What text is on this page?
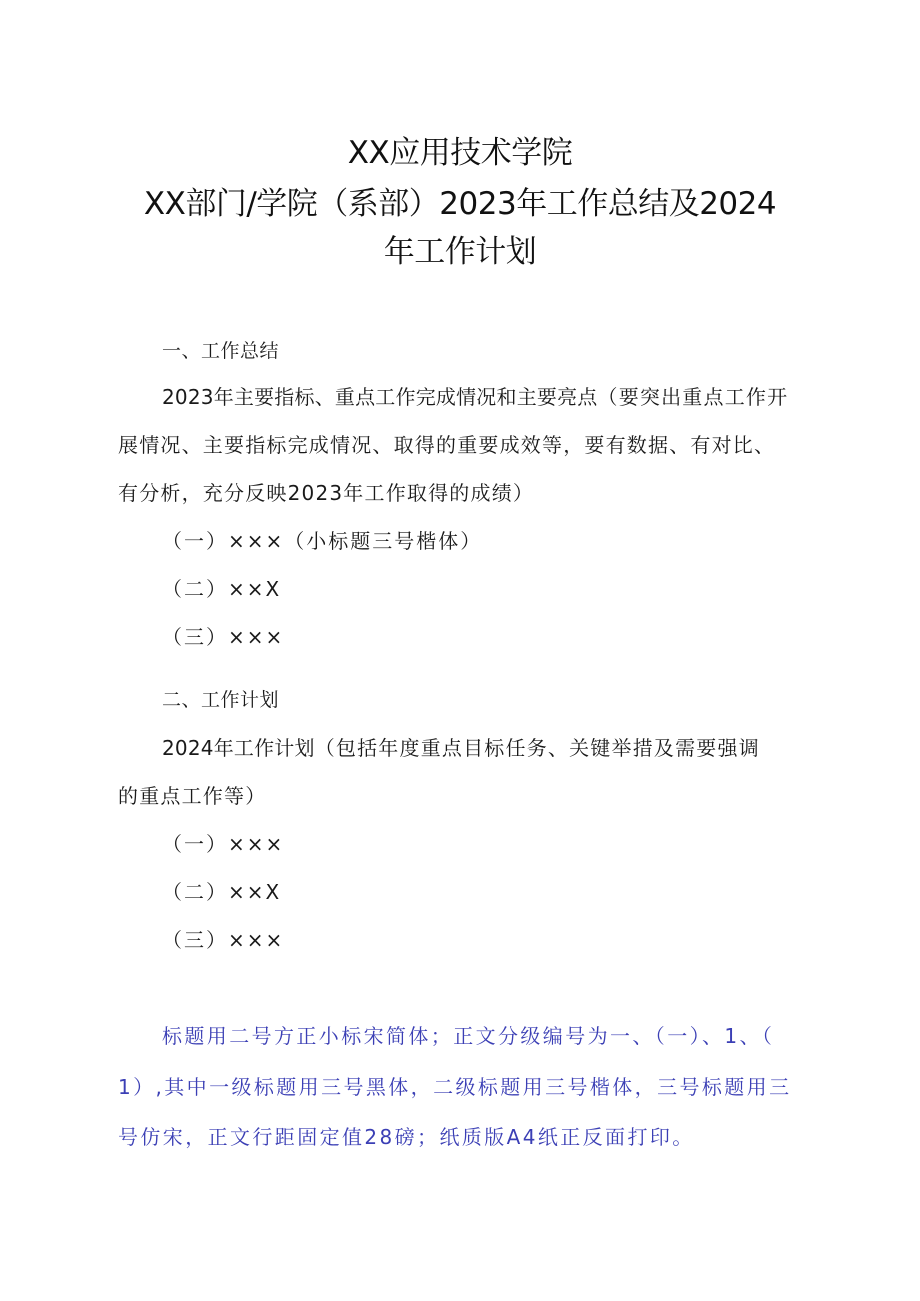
XX应用技术学院
XX部门/学院（系部）2023年工作总结及2024
年工作计划
一、工作总结
2023年主要指标、重点工作完成情况和主要亮点（要突出重点工作开
展情况、主要指标完成情况、取得的重要成效等，要有数据、有对比、
有分析，充分反映2023年工作取得的成绩）
（一）×××（小标题三号楷体）
（二）××X
（三）×××
二、工作计划
2024年工作计划（包括年度重点目标任务、关键举措及需要强调
的重点工作等）
（一）×××
（二）××X
（三）×××
标题用二号方正小标宋简体；正文分级编号为一、（一）、1、（
1）,其中一级标题用三号黑体，二级标题用三号楷体，三号标题用三
号仿宋，正文行距固定值28磅；纸质版A4纸正反面打印。
